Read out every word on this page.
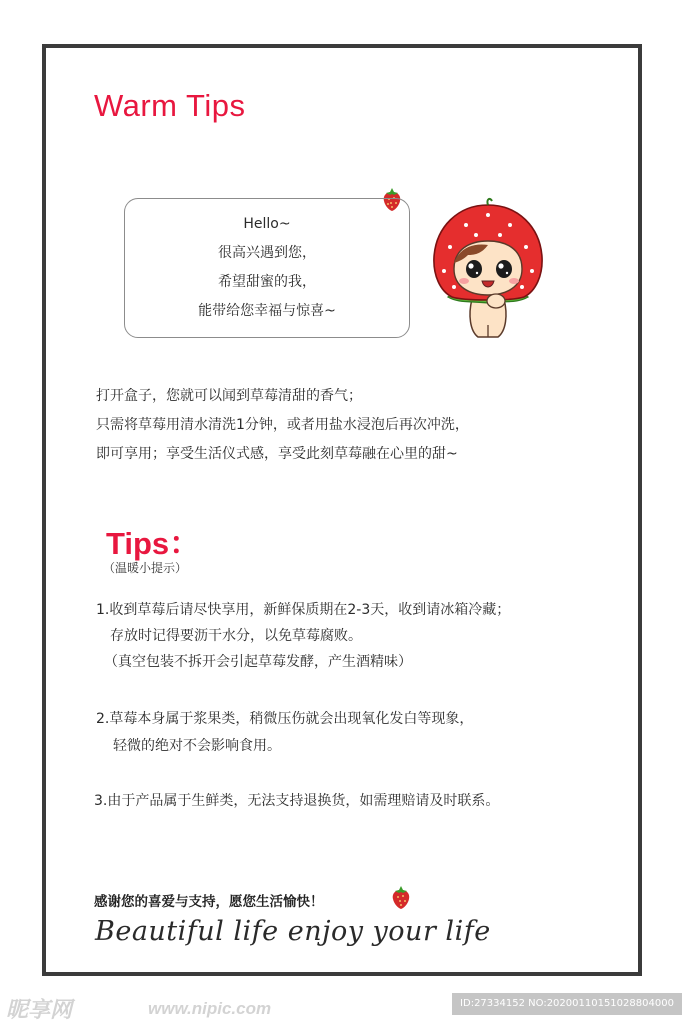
Warm Tips
Hello~
很高兴遇到您，
希望甜蜜的我，
能带给您幸福与惊喜~
打开盒子，您就可以闻到草莓清甜的香气；
只需将草莓用清水清洗1分钟，或者用盐水浸泡后再次冲洗，
即可享用；享受生活仪式感，享受此刻草莓融在心里的甜~
Tips：
（温暖小提示）
1.收到草莓后请尽快享用，新鲜保质期在2-3天，收到请冰箱冷藏；
存放时记得要沥干水分，以免草莓腐败。
（真空包装不拆开会引起草莓发酵，产生酒精味）
2.草莓本身属于浆果类，稍微压伤就会出现氧化发白等现象，
轻微的绝对不会影响食用。
3.由于产品属于生鲜类，无法支持退换货，如需理赔请及时联系。
感谢您的喜爱与支持，愿您生活愉快！
Beautiful life enjoy your life
昵享网	www.nipic.com	ID:27334152 NO:20200110151028804000
